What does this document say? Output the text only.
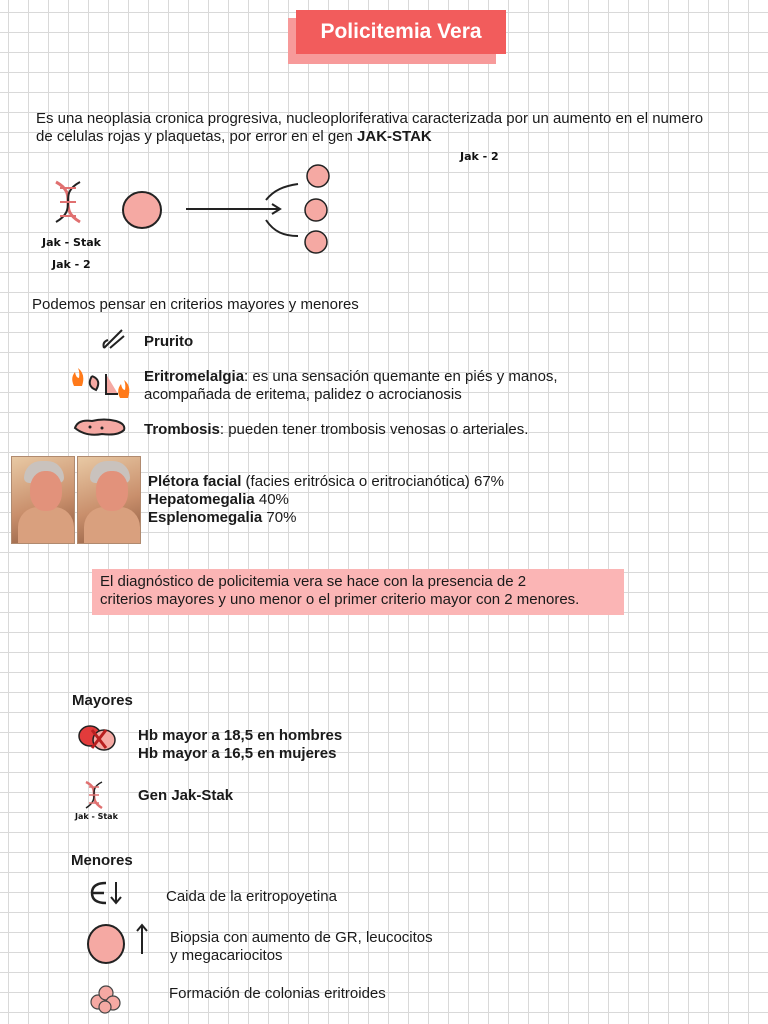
Policitemia Vera
Es una neoplasia cronica progresiva, nucleoploriferativa caracterizada por un aumento en el numero de celulas rojas y plaquetas, por error en el gen JAK-STAK
Jak - 2
Jak - Stak
Jak - 2
Podemos pensar en criterios mayores y menores
Prurito
Eritromelalgia: es una sensación quemante en piés y manos,
acompañada de eritema, palidez o acrocianosis
Trombosis: pueden tener trombosis venosas o arteriales.
Plétora facial (facies eritrósica o eritrocianótica) 67%
Hepatomegalia 40%
Esplenomegalia 70%
El diagnóstico de policitemia vera se hace con la presencia de 2
criterios mayores y uno menor o el primer criterio mayor con 2 menores.
Mayores
Hb mayor a 18,5 en hombres
Hb mayor a 16,5 en mujeres
Jak - Stak
Gen Jak-Stak
Menores
Caida de la eritropoyetina
Biopsia con aumento de GR, leucocitos
y megacariocitos
Formación de colonias eritroides
